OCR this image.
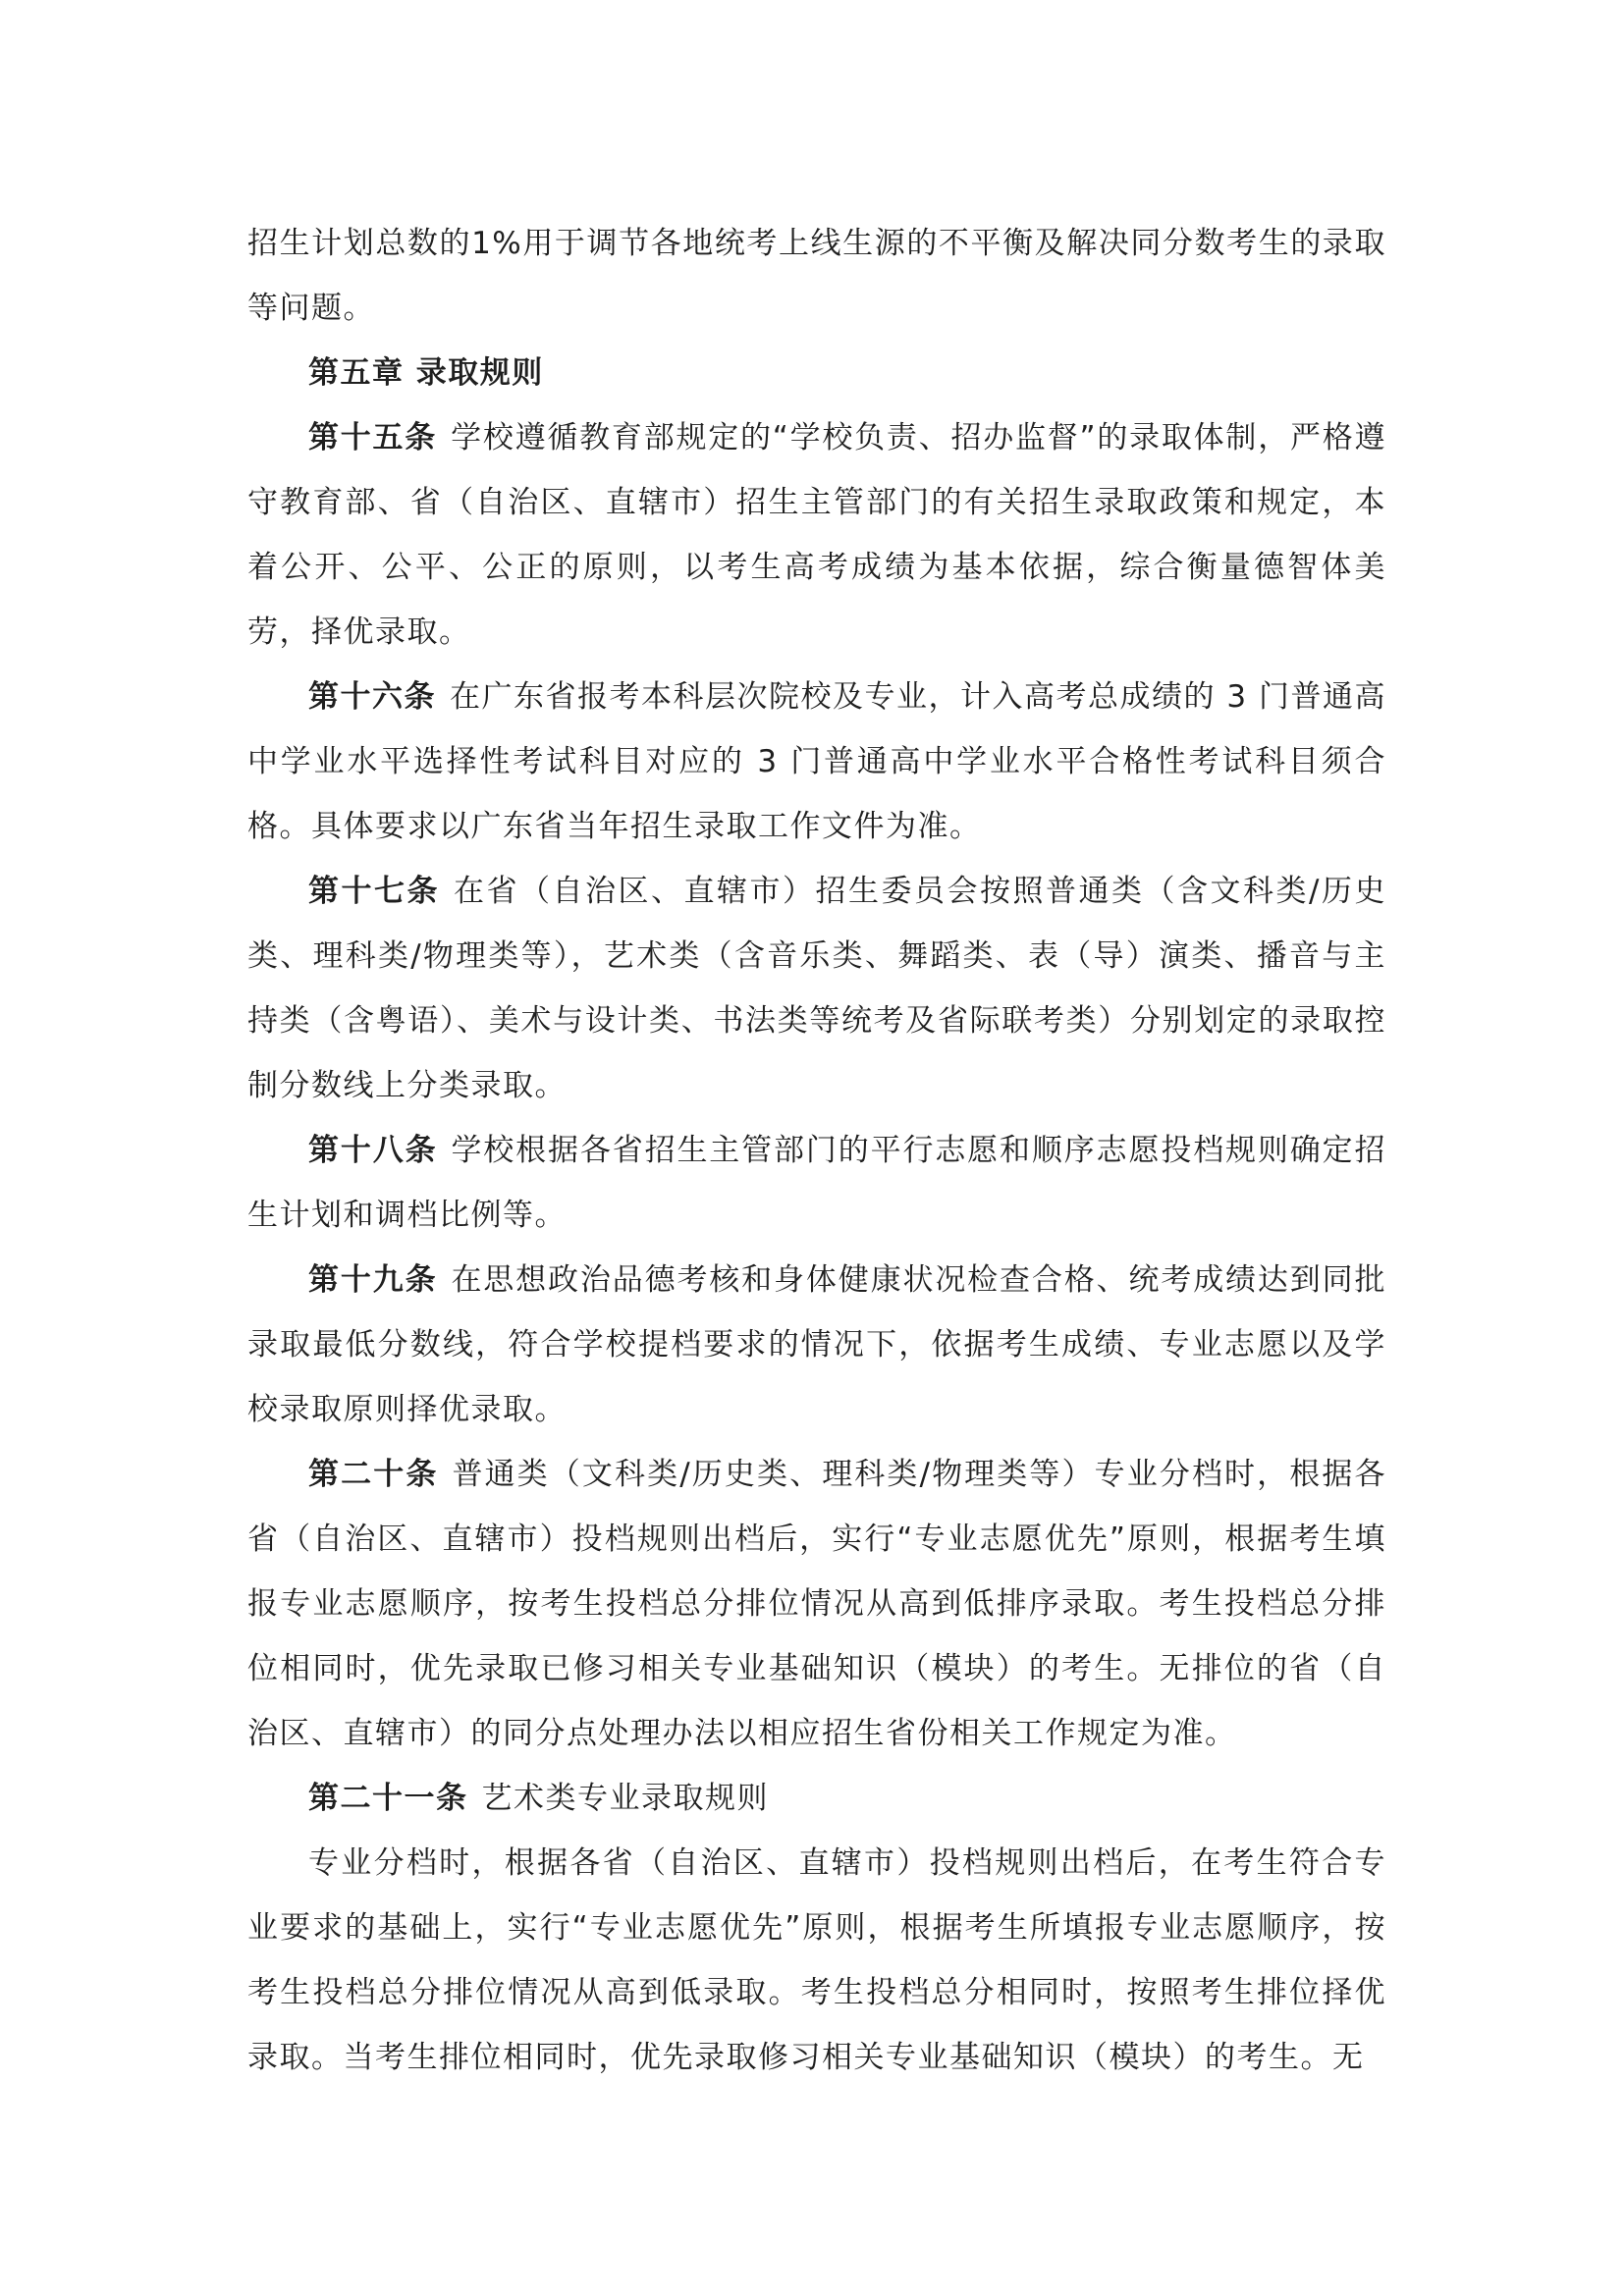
招生计划总数的1%用于调节各地统考上线生源的不平衡及解决同分数考生的录取等问题。

第五章 录取规则

第十五条 学校遵循教育部规定的“学校负责、招办监督”的录取体制，严格遵守教育部、省（自治区、直辖市）招生主管部门的有关招生录取政策和规定，本着公开、公平、公正的原则，以考生高考成绩为基本依据，综合衡量德智体美劳，择优录取。

第十六条 在广东省报考本科层次院校及专业，计入高考总成绩的 3 门普通高中学业水平选择性考试科目对应的 3 门普通高中学业水平合格性考试科目须合格。具体要求以广东省当年招生录取工作文件为准。

第十七条 在省（自治区、直辖市）招生委员会按照普通类（含文科类/历史类、理科类/物理类等），艺术类（含音乐类、舞蹈类、表（导）演类、播音与主持类（含粤语）、美术与设计类、书法类等统考及省际联考类）分别划定的录取控制分数线上分类录取。

第十八条 学校根据各省招生主管部门的平行志愿和顺序志愿投档规则确定招生计划和调档比例等。

第十九条 在思想政治品德考核和身体健康状况检查合格、统考成绩达到同批录取最低分数线，符合学校提档要求的情况下，依据考生成绩、专业志愿以及学校录取原则择优录取。

第二十条 普通类（文科类/历史类、理科类/物理类等）专业分档时，根据各省（自治区、直辖市）投档规则出档后，实行“专业志愿优先”原则，根据考生填报专业志愿顺序，按考生投档总分排位情况从高到低排序录取。考生投档总分排位相同时，优先录取已修习相关专业基础知识（模块）的考生。无排位的省（自治区、直辖市）的同分点处理办法以相应招生省份相关工作规定为准。

第二十一条 艺术类专业录取规则

专业分档时，根据各省（自治区、直辖市）投档规则出档后，在考生符合专业要求的基础上，实行“专业志愿优先”原则，根据考生所填报专业志愿顺序，按考生投档总分排位情况从高到低录取。考生投档总分相同时，按照考生排位择优录取。当考生排位相同时，优先录取修习相关专业基础知识（模块）的考生。无
